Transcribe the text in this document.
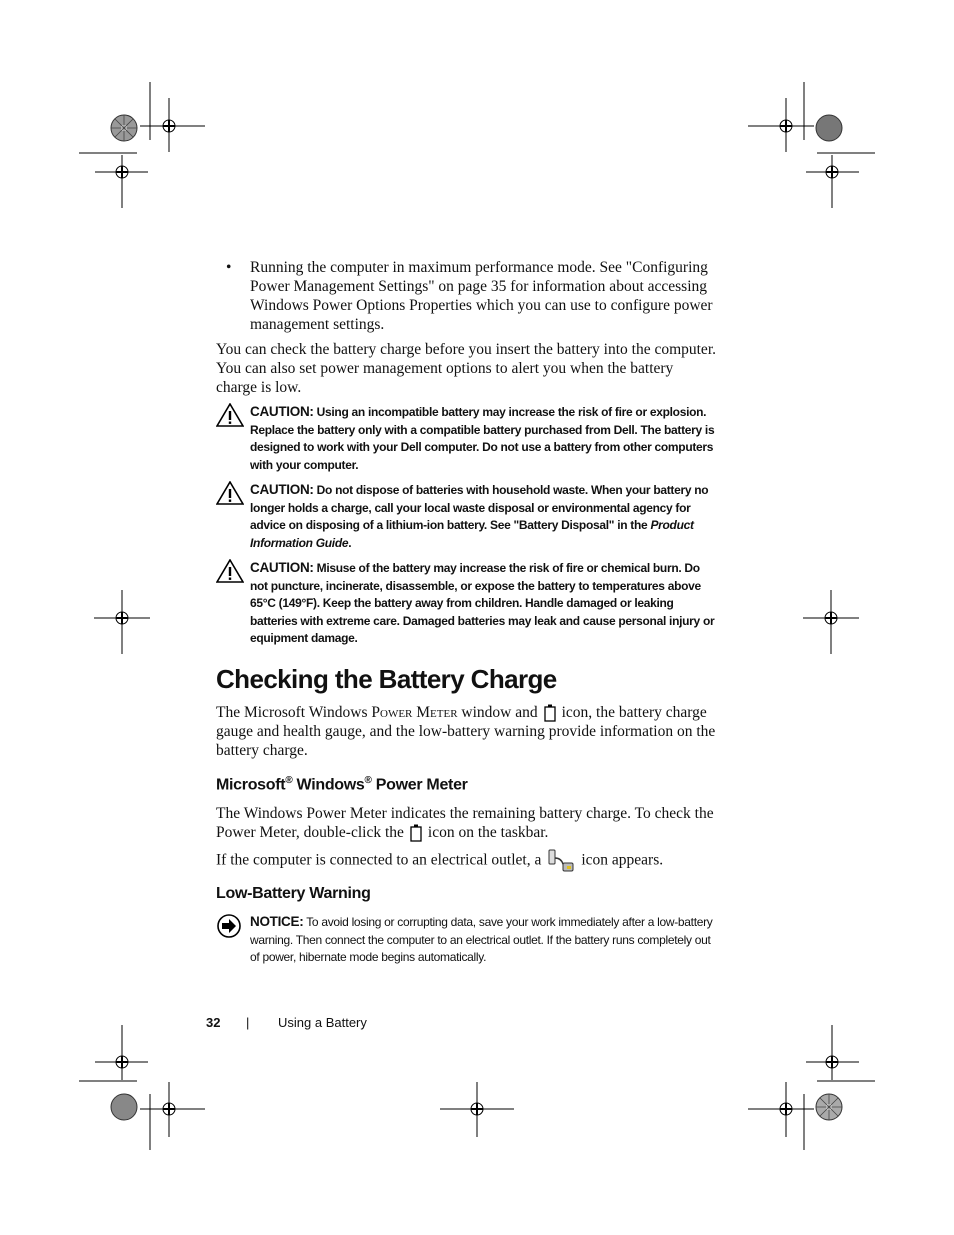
• Running the computer in maximum performance mode. See "Configuring Power Management Settings" on page 35 for information about accessing Windows Power Options Properties which you can use to configure power management settings.
You can check the battery charge before you insert the battery into the computer. You can also set power management options to alert you when the battery charge is low.
CAUTION: Using an incompatible battery may increase the risk of fire or explosion. Replace the battery only with a compatible battery purchased from Dell. The battery is designed to work with your Dell computer. Do not use a battery from other computers with your computer.
CAUTION: Do not dispose of batteries with household waste. When your battery no longer holds a charge, call your local waste disposal or environmental agency for advice on disposing of a lithium-ion battery. See "Battery Disposal" in the Product Information Guide.
CAUTION: Misuse of the battery may increase the risk of fire or chemical burn. Do not puncture, incinerate, disassemble, or expose the battery to temperatures above 65°C (149°F). Keep the battery away from children. Handle damaged or leaking batteries with extreme care. Damaged batteries may leak and cause personal injury or equipment damage.
Checking the Battery Charge
The Microsoft Windows Power Meter window and icon, the battery charge gauge and health gauge, and the low-battery warning provide information on the battery charge.
Microsoft® Windows® Power Meter
The Windows Power Meter indicates the remaining battery charge. To check the Power Meter, double-click the icon on the taskbar.
If the computer is connected to an electrical outlet, a	icon appears.
Low-Battery Warning
NOTICE: To avoid losing or corrupting data, save your work immediately after a low-battery warning. Then connect the computer to an electrical outlet. If the battery runs completely out of power, hibernate mode begins automatically.
32 | Using a Battery
